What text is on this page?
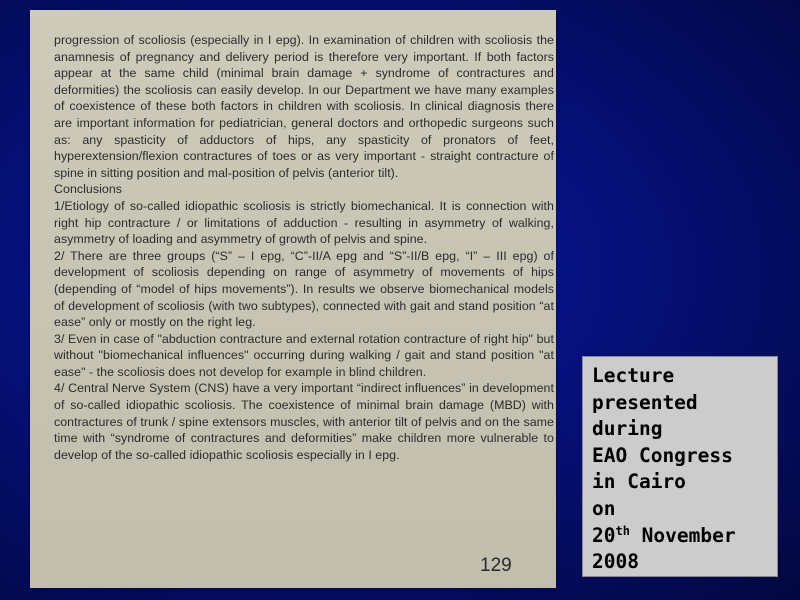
progression of scoliosis (especially in I epg). In examination of children with scoliosis the anamnesis of pregnancy and delivery period is therefore very important. If both factors appear at the same child (minimal brain damage + syndrome of contractures and deformities) the scoliosis can easily develop. In our Department we have many examples of coexistence of these both factors in children with scoliosis. In clinical diagnosis there are important information for pediatrician, general doctors and orthopedic surgeons such as: any spasticity of adductors of hips, any spasticity of pronators of feet, hyperextension/flexion contractures of toes or as very important - straight contracture of spine in sitting position and mal-position of pelvis (anterior tilt).

Conclusions

1/Etiology of so-called idiopathic scoliosis is strictly biomechanical. It is connection with right hip contracture / or limitations of adduction - resulting in asymmetry of walking, asymmetry of loading and asymmetry of growth of pelvis and spine.

2/ There are three groups (“S” – I epg, “C”-II/A epg and “S”-II/B epg, “I” – III epg) of development of scoliosis depending on range of asymmetry of movements of hips (depending of “model of hips movements”). In results we observe biomechanical models of development of scoliosis (with two subtypes), connected with gait and stand position “at ease” only or mostly on the right leg.

3/ Even in case of "abduction contracture and external rotation contracture of right hip" but without "biomechanical influences" occurring during walking / gait and stand position "at ease" - the scoliosis does not develop for example in blind children.

4/ Central Nerve System (CNS) have a very important “indirect influences” in development of so-called idiopathic scoliosis. The coexistence of minimal brain damage (MBD) with contractures of trunk / spine extensors muscles, with anterior tilt of pelvis and on the same time with “syndrome of contractures and deformities” make children more vulnerable to develop of the so-called idiopathic scoliosis especially in I epg.

129
Lecture
presented
during
EAO Congress
in Cairo
on
20th November
2008
